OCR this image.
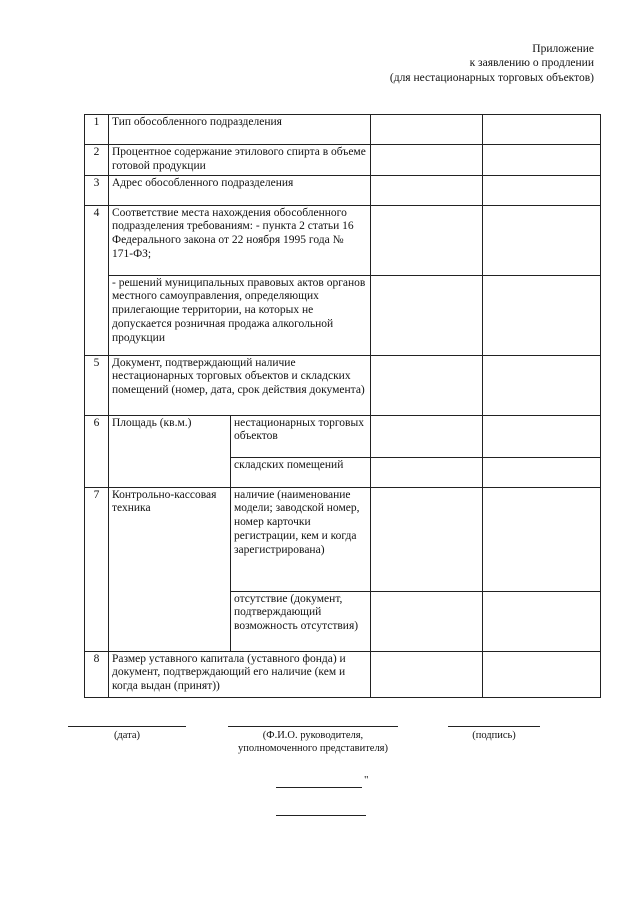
Приложение
к заявлению о продлении
(для нестационарных торговых объектов)
1	Тип обособленного подразделения			
2	Процентное содержание этилового спирта в объеме готовой продукции			
3	Адрес обособленного подразделения			
4	Соответствие места нахождения обособленного подразделения требованиям: - пункта 2 статьи 16 Федерального закона от 22 ноября 1995 года № 171-ФЗ;			
	- решений муниципальных правовых актов органов местного самоуправления, определяющих прилегающие территории, на которых не допускается розничная продажа алкогольной продукции			
5	Документ, подтверждающий наличие нестационарных торговых объектов и складских помещений (номер, дата, срок действия документа)			
6	Площадь (кв.м.)	нестационарных торговых объектов		
		складских помещений		
7	Контрольно-кассовая техника	наличие (наименование модели; заводской номер, номер карточки регистрации, кем и когда зарегистрирована)		
		отсутствие (документ, подтверждающий возможность отсутствия)		
8	Размер уставного капитала (уставного фонда) и документ, подтверждающий его наличие (кем и когда выдан (принят))			
(дата)	(Ф.И.О. руководителя,
уполномоченного представителя)
(подпись)
"
